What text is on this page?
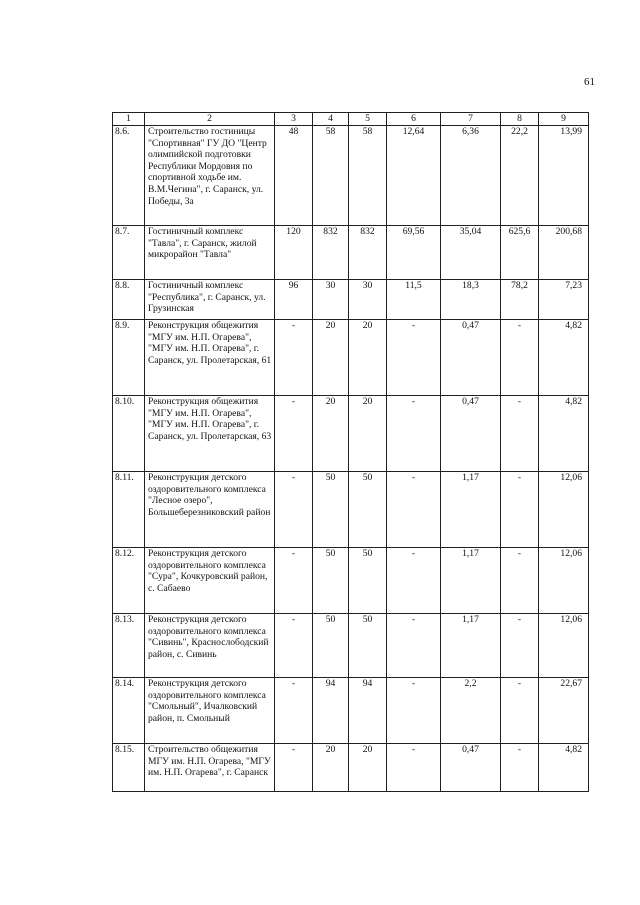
61
1	2	3	4	5	6	7	8	9
8.6.	Строительство гостиницы "Спортивная" ГУ ДО "Центр олимпийской подготовки Республики Мордовия по спортивной ходьбе им. В.М.Чегина", г. Саранск, ул. Победы, 3а	48	58	58	12,64	6,36	22,2	13,99
8.7.	Гостиничный комплекс "Тавла", г. Саранск, жилой микрорайон "Тавла"	120	832	832	69,56	35,04	625,6	200,68
8.8.	Гостиничный комплекс "Республика", г. Саранск, ул. Грузинская	96	30	30	11,5	18,3	78,2	7,23
8.9.	Реконструкция общежития "МГУ им. Н.П. Огарева", "МГУ им. Н.П. Огарева", г. Саранск, ул. Пролетарская, 61	-	20	20	-	0,47	-	4,82
8.10.	Реконструкция общежития "МГУ им. Н.П. Огарева", "МГУ им. Н.П. Огарева", г. Саранск, ул. Пролетарская, 63	-	20	20	-	0,47	-	4,82
8.11.	Реконструкция детского оздоровительного комплекса "Лесное озеро", Большеберезниковский район	-	50	50	-	1,17	-	12,06
8.12.	Реконструкция детского оздоровительного комплекса "Сура", Кочкуровский район, с. Сабаево	-	50	50	-	1,17	-	12,06
8.13.	Реконструкция детского оздоровительного комплекса "Сивинь", Краснослободский район, с. Сивинь	-	50	50	-	1,17	-	12,06
8.14.	Реконструкция детского оздоровительного комплекса "Смольный", Ичалковский район, п. Смольный	-	94	94	-	2,2	-	22,67
8.15.	Строительство общежития МГУ им. Н.П. Огарева, "МГУ им. Н.П. Огарева", г. Саранск	-	20	20	-	0,47	-	4,82
